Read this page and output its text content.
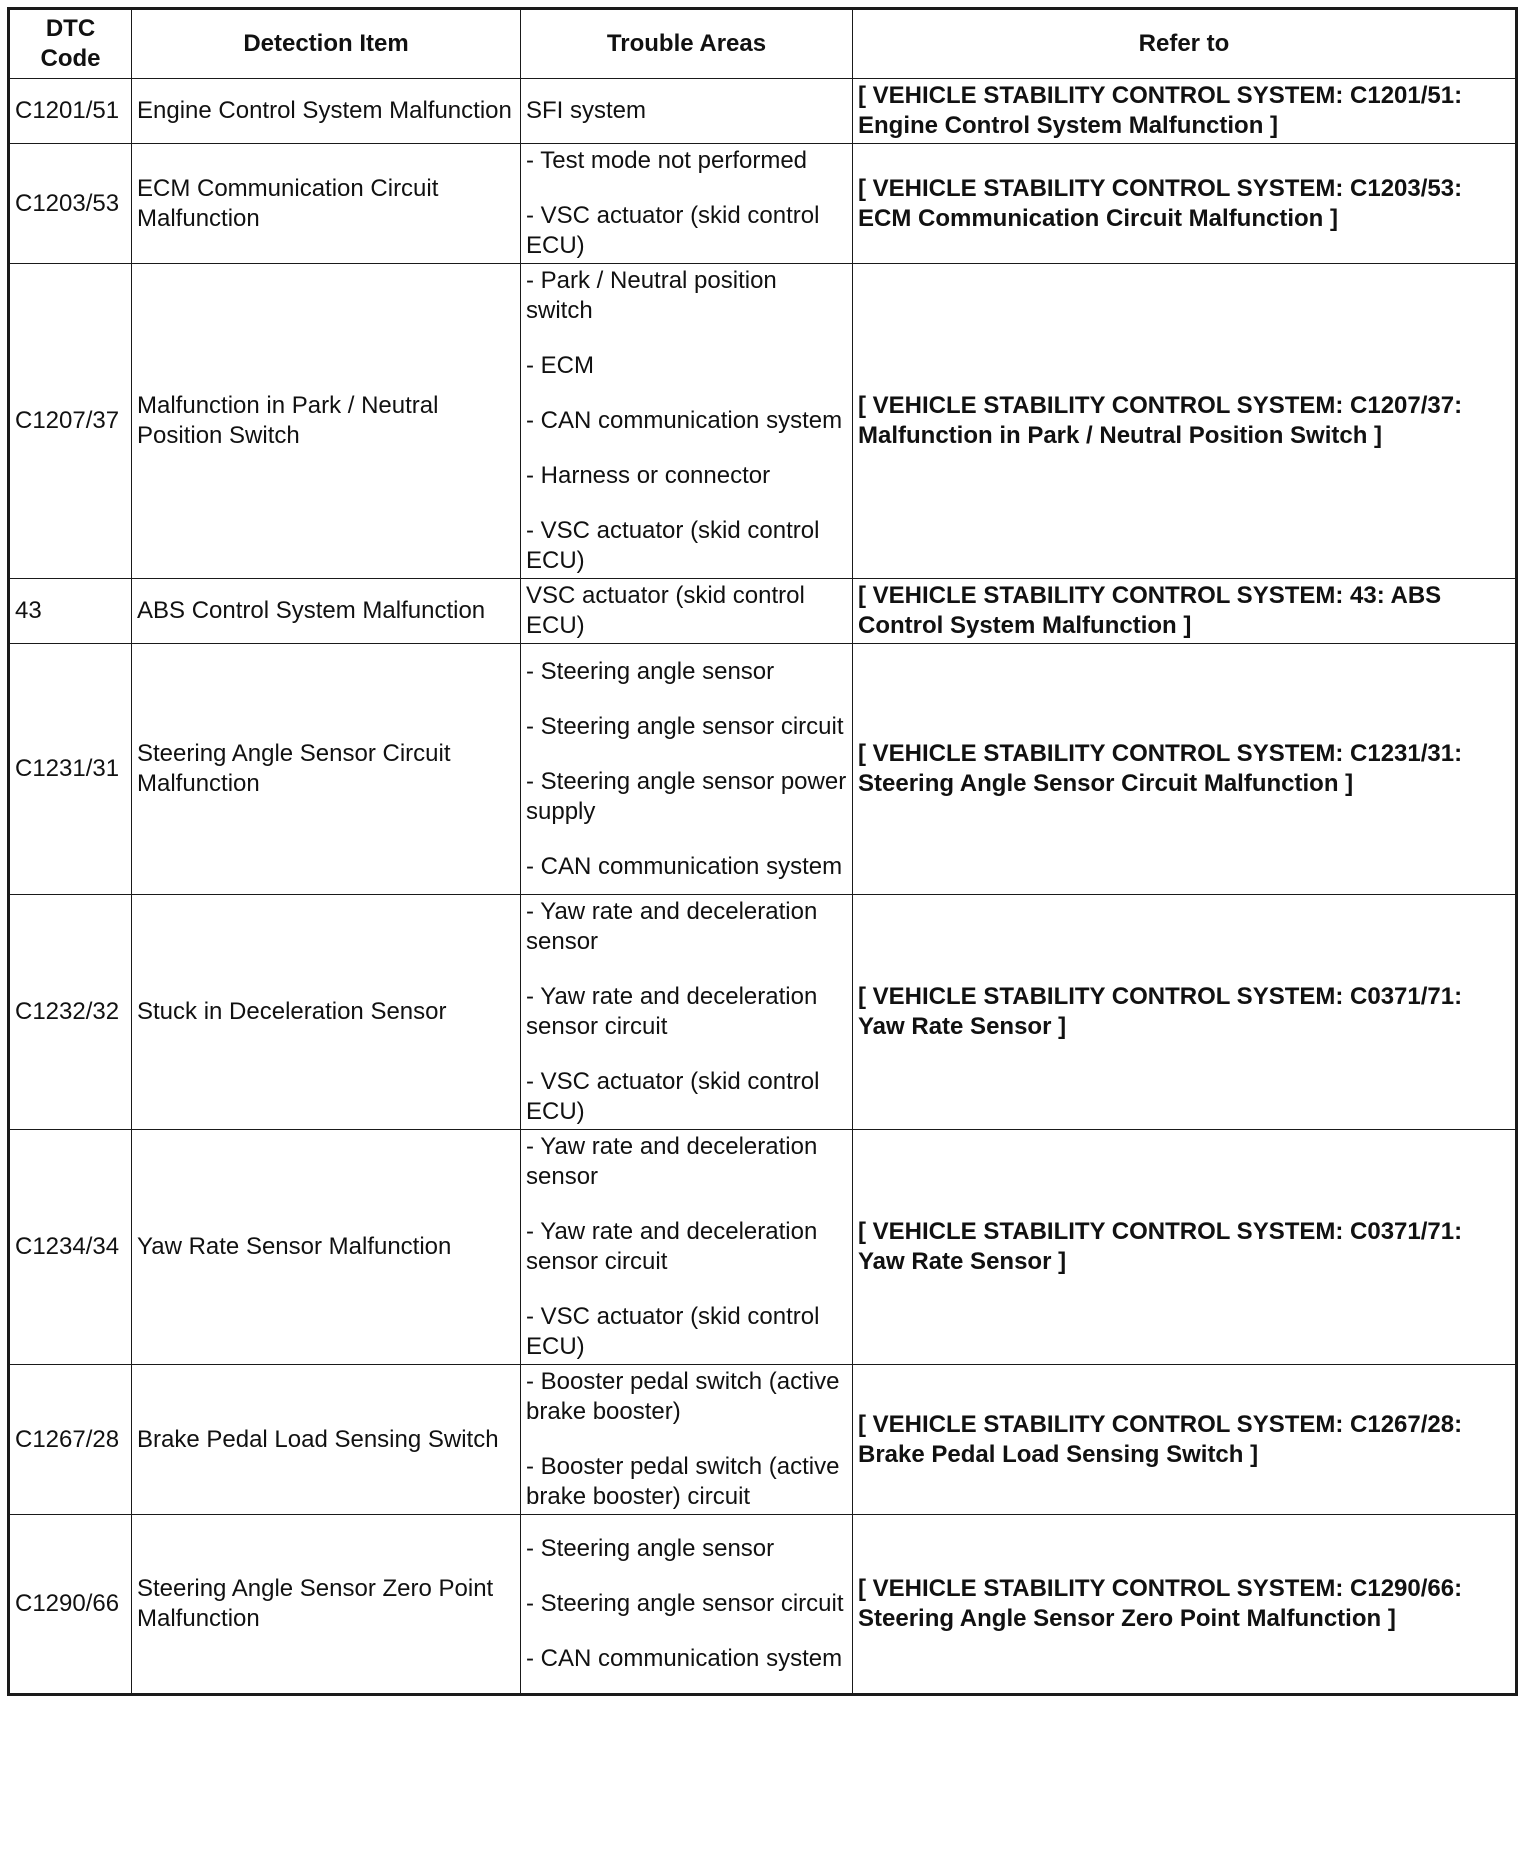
DTC
Code	Detection Item	Trouble Areas	Refer to
C1201/51	Engine Control System Malfunction	SFI system	[ VEHICLE STABILITY CONTROL SYSTEM: C1201/51: Engine Control System Malfunction ]
C1203/53	ECM Communication Circuit Malfunction	- Test mode not performed
- VSC actuator (skid control ECU)	[ VEHICLE STABILITY CONTROL SYSTEM: C1203/53: ECM Communication Circuit Malfunction ]
C1207/37	Malfunction in Park / Neutral Position Switch	- Park / Neutral position switch
- ECM
- CAN communication system
- Harness or connector
- VSC actuator (skid control ECU)	[ VEHICLE STABILITY CONTROL SYSTEM: C1207/37: Malfunction in Park / Neutral Position Switch ]
43	ABS Control System Malfunction	VSC actuator (skid control ECU)	[ VEHICLE STABILITY CONTROL SYSTEM: 43: ABS Control System Malfunction ]
C1231/31	Steering Angle Sensor Circuit Malfunction	- Steering angle sensor
- Steering angle sensor circuit
- Steering angle sensor power supply
- CAN communication system	[ VEHICLE STABILITY CONTROL SYSTEM: C1231/31: Steering Angle Sensor Circuit Malfunction ]
C1232/32	Stuck in Deceleration Sensor	- Yaw rate and deceleration sensor
- Yaw rate and deceleration sensor circuit
- VSC actuator (skid control ECU)	[ VEHICLE STABILITY CONTROL SYSTEM: C0371/71: Yaw Rate Sensor ]
C1234/34	Yaw Rate Sensor Malfunction	- Yaw rate and deceleration sensor
- Yaw rate and deceleration sensor circuit
- VSC actuator (skid control ECU)	[ VEHICLE STABILITY CONTROL SYSTEM: C0371/71: Yaw Rate Sensor ]
C1267/28	Brake Pedal Load Sensing Switch	- Booster pedal switch (active brake booster)
- Booster pedal switch (active brake booster) circuit	[ VEHICLE STABILITY CONTROL SYSTEM: C1267/28: Brake Pedal Load Sensing Switch ]
C1290/66	Steering Angle Sensor Zero Point Malfunction	- Steering angle sensor
- Steering angle sensor circuit
- CAN communication system	[ VEHICLE STABILITY CONTROL SYSTEM: C1290/66: Steering Angle Sensor Zero Point Malfunction ]
